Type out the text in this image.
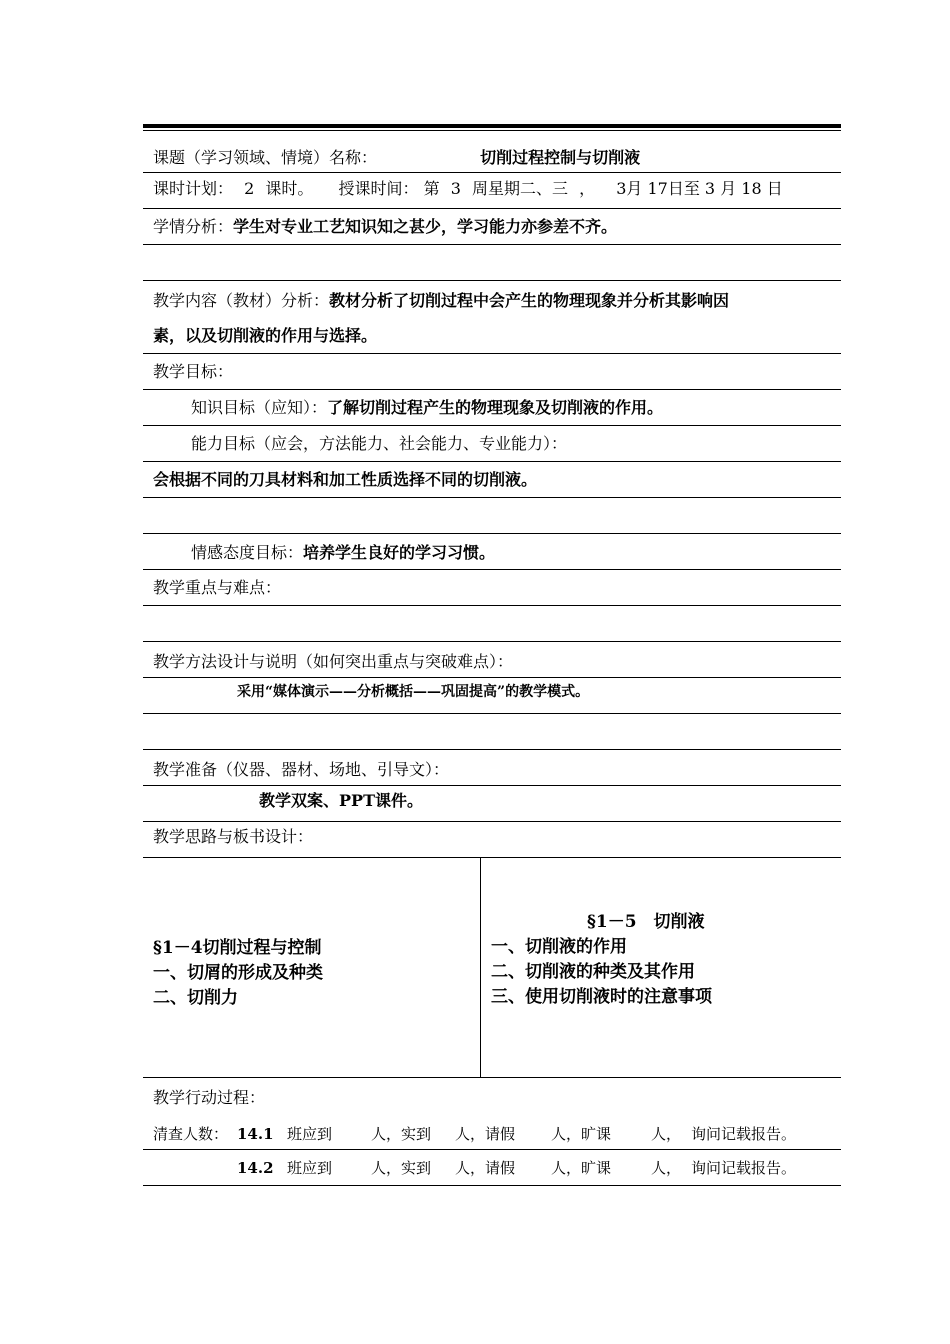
课题（学习领域、情境）名称：	切削过程控制与切削液
课时计划： 2 课时。 授课时间： 第 3 周星期二、三 ， 3月 17日至 3 月 18 日
学情分析：学生对专业工艺知识知之甚少，学习能力亦参差不齐。
教学内容（教材）分析：教材分析了切削过程中会产生的物理现象并分析其影响因
素，以及切削液的作用与选择。
教学目标：
知识目标（应知）：了解切削过程产生的物理现象及切削液的作用。
能力目标（应会，方法能力、社会能力、专业能力）：
会根据不同的刀具材料和加工性质选择不同的切削液。
情感态度目标：培养学生良好的学习习惯。
教学重点与难点：
教学方法设计与说明（如何突出重点与突破难点）：
采用“媒体演示——分析概括——巩固提高”的教学模式。
教学准备（仪器、器材、场地、引导文）：
教学双案、PPT课件。
教学思路与板书设计：
§1－4切削过程与控制
一、切屑的形成及种类
二、切削力
§1－5　切削液
一、切削液的作用
二、切削液的种类及其作用
三、使用切削液时的注意事项
教学行动过程：
清查人数： 14.1 班应到	人，实到 人，请假 人，旷课	人， 询问记载报告。
14.2 班应到	人，实到 人，请假 人，旷课	人， 询问记载报告。
